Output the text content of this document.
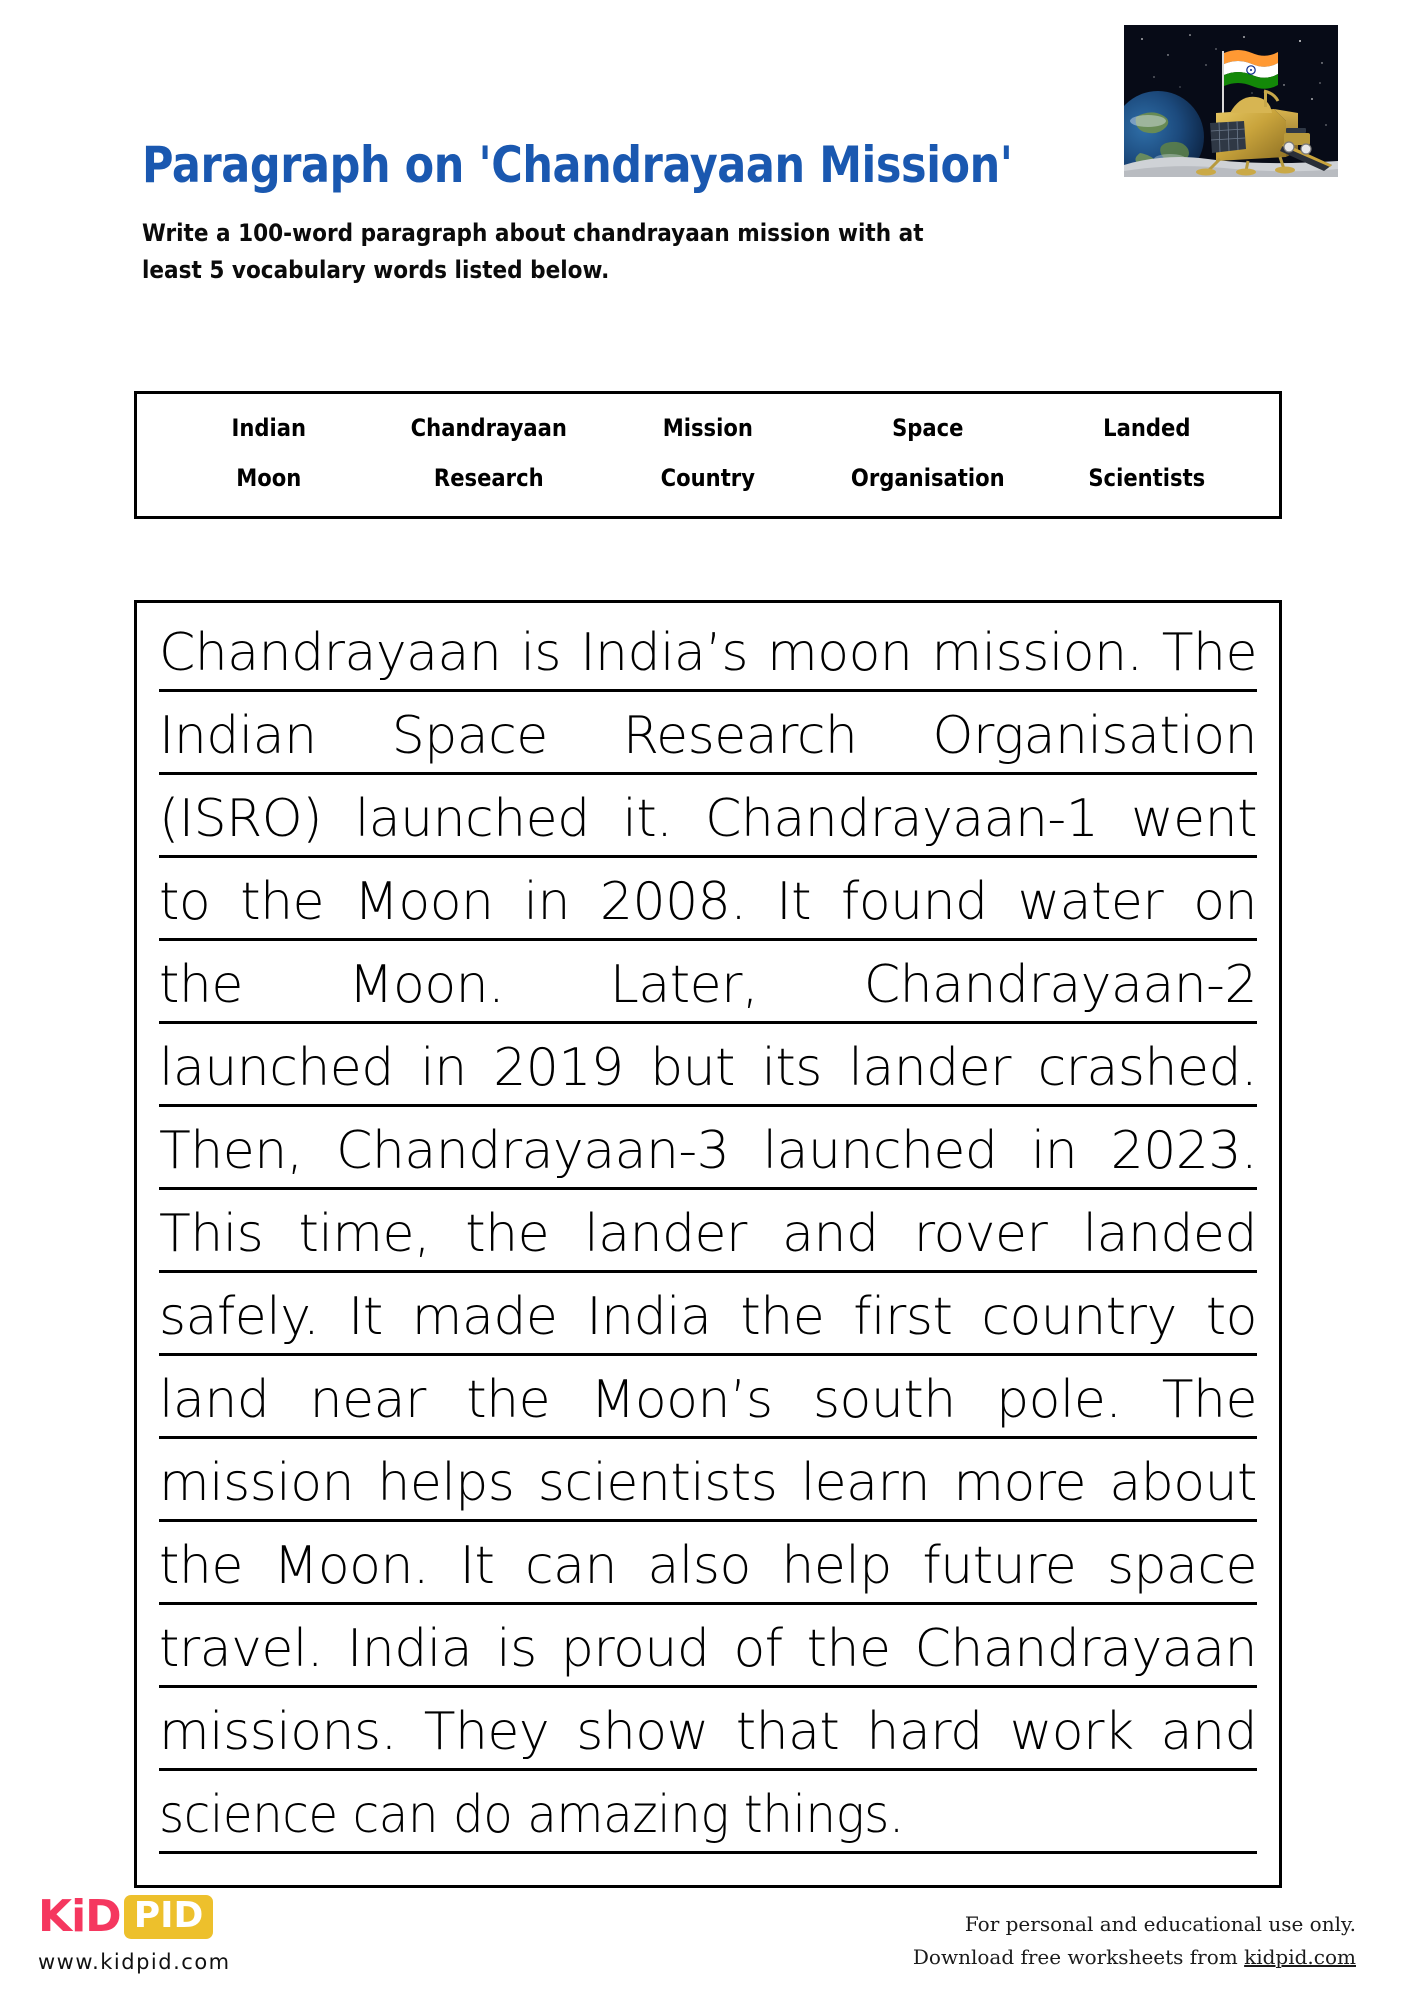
Paragraph on 'Chandrayaan Mission'
Write a 100-word paragraph about chandrayaan mission with at least 5 vocabulary words listed below.
Indian	Chandrayaan	Mission	Space	Landed
Moon	Research	Country	Organisation	Scientists
Chandrayaan is India’s moon mission. The
Indian Space Research Organisation
(ISRO) launched it. Chandrayaan-1 went
to the Moon in 2008. It found water on
the Moon. Later, Chandrayaan-2
launched in 2019 but its lander crashed.
Then, Chandrayaan-3 launched in 2023.
This time, the lander and rover landed
safely. It made India the first country to
land near the Moon’s south pole. The
mission helps scientists learn more about
the Moon. It can also help future space
travel. India is proud of the Chandrayaan
missions. They show that hard work and
science can do amazing things.
KiD PID
www.kidpid.com
For personal and educational use only.
Download free worksheets from kidpid.com
